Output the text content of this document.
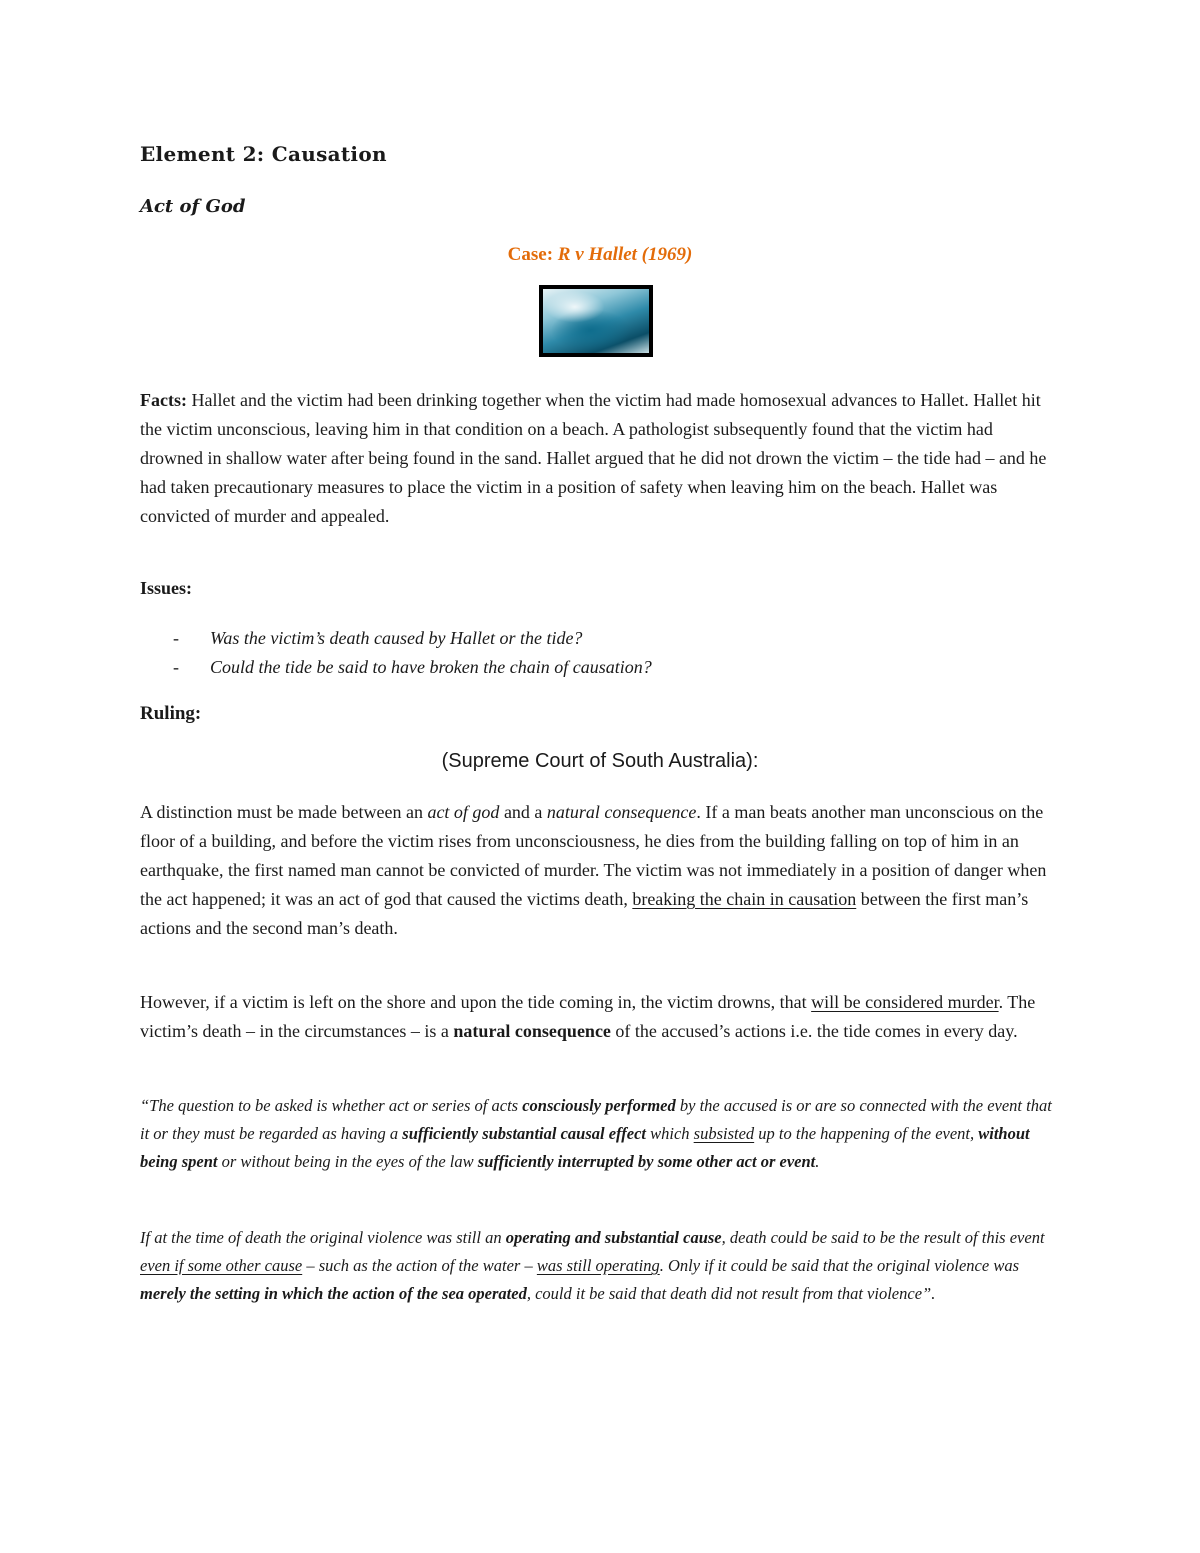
Element 2: Causation
Act of God
Case: R v Hallet (1969)
Facts: Hallet and the victim had been drinking together when the victim had made homosexual advances to Hallet. Hallet hit the victim unconscious, leaving him in that condition on a beach. A pathologist subsequently found that the victim had drowned in shallow water after being found in the sand. Hallet argued that he did not drown the victim – the tide had – and he had taken precautionary measures to place the victim in a position of safety when leaving him on the beach. Hallet was convicted of murder and appealed.
Issues:
- Was the victim’s death caused by Hallet or the tide?
- Could the tide be said to have broken the chain of causation?
Ruling:
(Supreme Court of South Australia):
A distinction must be made between an act of god and a natural consequence. If a man beats another man unconscious on the floor of a building, and before the victim rises from unconsciousness, he dies from the building falling on top of him in an earthquake, the first named man cannot be convicted of murder. The victim was not immediately in a position of danger when the act happened; it was an act of god that caused the victims death, breaking the chain in causation between the first man’s actions and the second man’s death.
However, if a victim is left on the shore and upon the tide coming in, the victim drowns, that will be considered murder. The victim’s death – in the circumstances – is a natural consequence of the accused’s actions i.e. the tide comes in every day.
“The question to be asked is whether act or series of acts consciously performed by the accused is or are so connected with the event that it or they must be regarded as having a sufficiently substantial causal effect which subsisted up to the happening of the event, without being spent or without being in the eyes of the law sufficiently interrupted by some other act or event.
If at the time of death the original violence was still an operating and substantial cause, death could be said to be the result of this event even if some other cause – such as the action of the water – was still operating. Only if it could be said that the original violence was merely the setting in which the action of the sea operated, could it be said that death did not result from that violence”.
